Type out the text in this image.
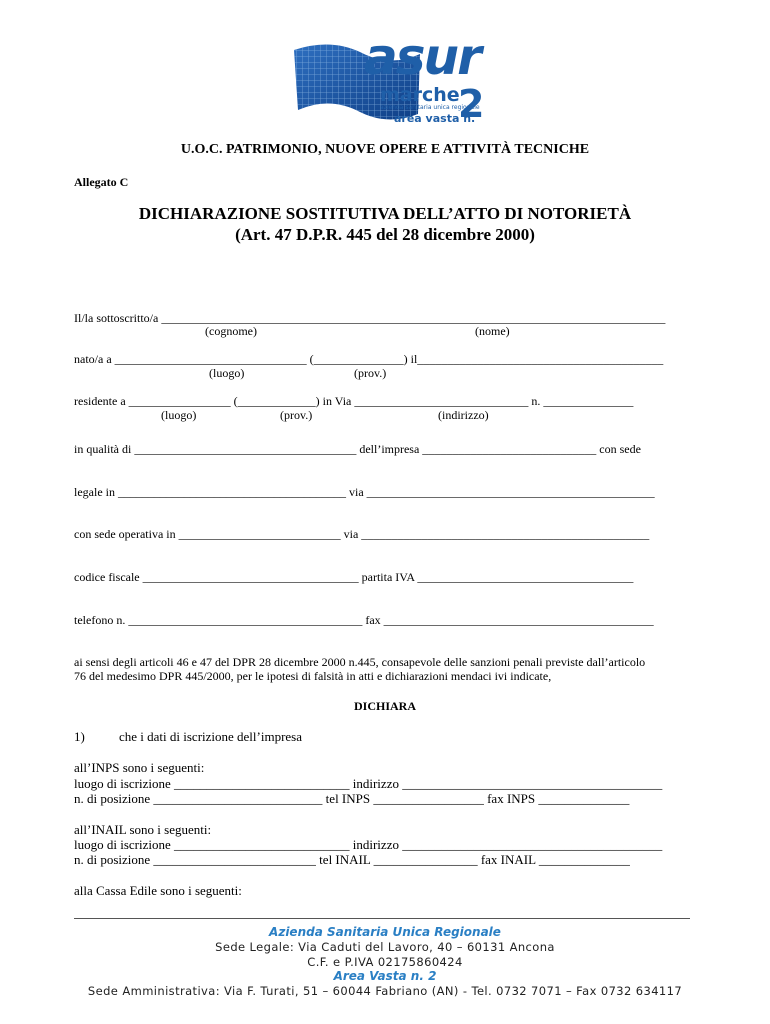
asur
marche
azienda sanitaria unica regionale
area vasta n.
2
U.O.C. PATRIMONIO, NUOVE OPERE E ATTIVITÀ TECNICHE
Allegato C
DICHIARAZIONE SOSTITUTIVA DELL’ATTO DI NOTORIETÀ
(Art. 47 D.P.R. 445 del 28 dicembre 2000)
Il/la sottoscritto/a ____________________________________________________________________________________
(cognome)	(nome)
nato/a a ________________________________ (_______________) il_________________________________________
(luogo)	(prov.)
residente a _________________ (_____________) in Via _____________________________ n. _______________
(luogo)	(prov.)	(indirizzo)
in qualità di _____________________________________ dell’impresa _____________________________ con sede
legale in ______________________________________ via ________________________________________________
con sede operativa in ___________________________ via ________________________________________________
codice fiscale ____________________________________ partita IVA ____________________________________
telefono n. _______________________________________ fax _____________________________________________
ai sensi degli articoli 46 e 47 del DPR 28 dicembre 2000 n.445, consapevole delle sanzioni penali previste dall’articolo
76 del medesimo DPR 445/2000, per le ipotesi di falsità in atti e dichiarazioni mendaci ivi indicate,
DICHIARA
1)	che i dati di iscrizione dell’impresa
all’INPS sono i seguenti:
luogo di iscrizione ___________________________ indirizzo ________________________________________
n. di posizione __________________________ tel INPS _________________ fax INPS ______________
all’INAIL sono i seguenti:
luogo di iscrizione ___________________________ indirizzo ________________________________________
n. di posizione _________________________ tel INAIL ________________ fax INAIL ______________
alla Cassa Edile sono i seguenti:
Azienda Sanitaria Unica Regionale
Sede Legale: Via Caduti del Lavoro, 40 – 60131 Ancona
C.F. e P.IVA 02175860424
Area Vasta n. 2
Sede Amministrativa: Via F. Turati, 51 – 60044 Fabriano (AN) - Tel. 0732 7071 – Fax 0732 634117
